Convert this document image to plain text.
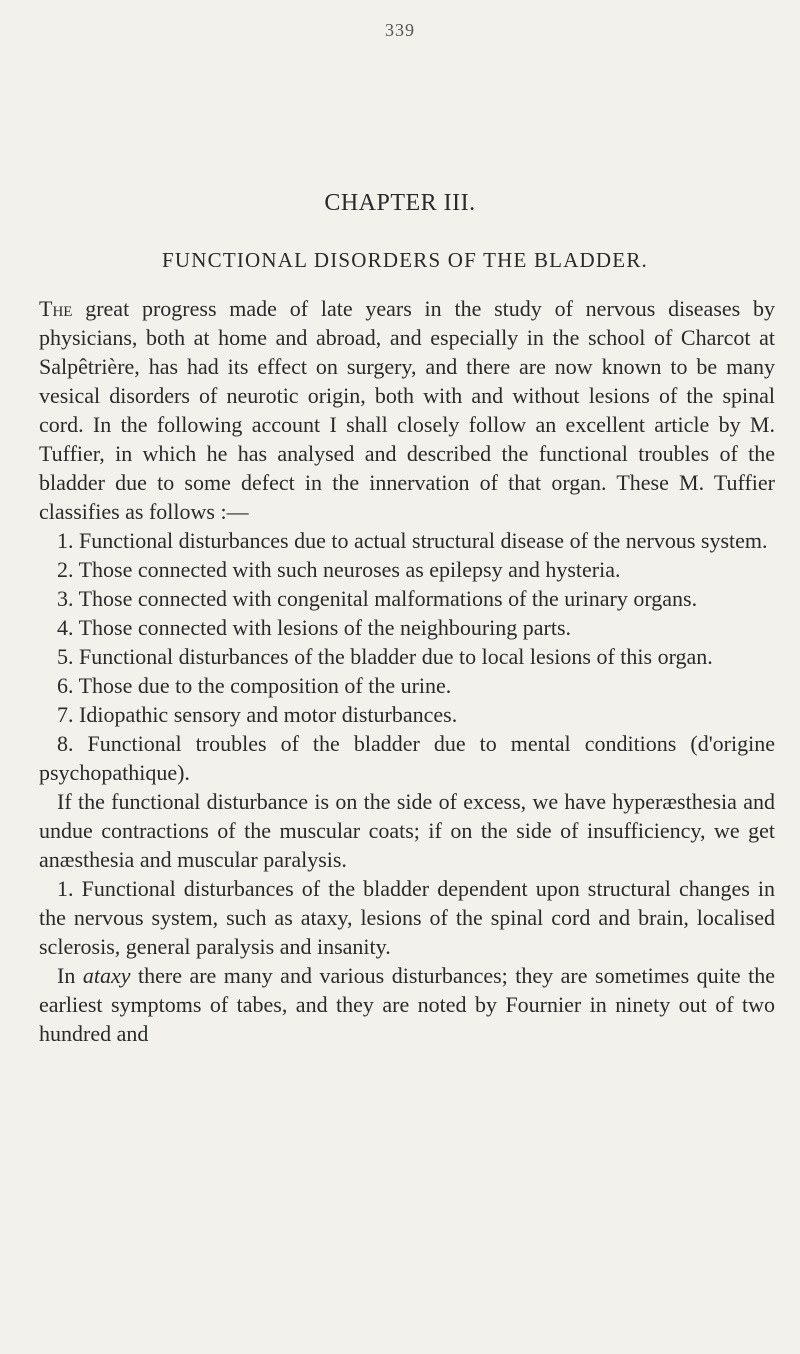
339
CHAPTER III.
FUNCTIONAL DISORDERS OF THE BLADDER.

The great progress made of late years in the study of nervous diseases by physicians, both at home and abroad, and especially in the school of Charcot at Salpêtrière, has had its effect on surgery, and there are now known to be many vesical disorders of neurotic origin, both with and without lesions of the spinal cord. In the following account I shall closely follow an excellent article by M. Tuffier, in which he has analysed and described the functional troubles of the bladder due to some defect in the innervation of that organ. These M. Tuffier classifies as follows :—

1. Functional disturbances due to actual structural disease of the nervous system.

2. Those connected with such neuroses as epilepsy and hysteria.

3. Those connected with congenital malformations of the urinary organs.

4. Those connected with lesions of the neighbouring parts.

5. Functional disturbances of the bladder due to local lesions of this organ.

6. Those due to the composition of the urine.

7. Idiopathic sensory and motor disturbances.

8. Functional troubles of the bladder due to mental conditions (d'origine psychopathique).

If the functional disturbance is on the side of excess, we have hyperæsthesia and undue contractions of the muscular coats; if on the side of insufficiency, we get anæsthesia and muscular paralysis.

1. Functional disturbances of the bladder dependent upon structural changes in the nervous system, such as ataxy, lesions of the spinal cord and brain, localised sclerosis, general paralysis and insanity.

In ataxy there are many and various disturbances; they are sometimes quite the earliest symptoms of tabes, and they are noted by Fournier in ninety out of two hundred and
